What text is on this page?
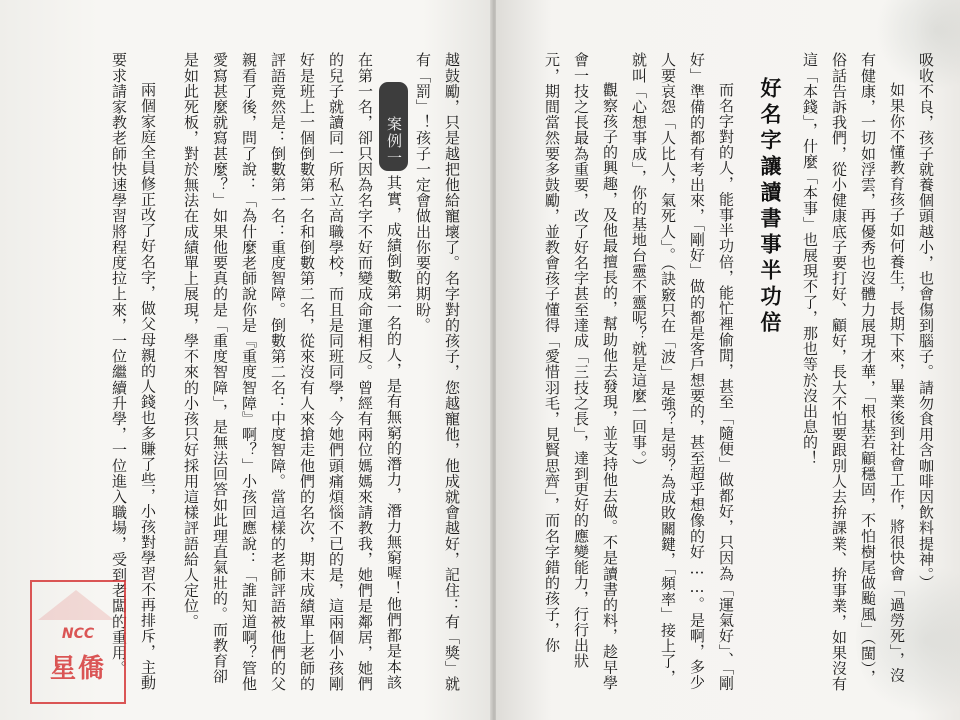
越鼓勵，只是越把他給寵壞了。名字對的孩子，您越寵他，他成就會越好，記住：有「獎」就有「罰」！孩子一定會做出你要的期盼。
案例一其實，成績倒數第一名的人，是有無窮的潛力，潛力無窮喔！他們都是本該在第一名，卻只因為名字不好而變成命運相反。曾經有兩位媽媽來請教我，她們是鄰居，她們的兒子就讀同一所私立高職學校，而且是同班同學，今她們頭痛煩惱不已的是，這兩個小孩剛好是班上一個倒數第一名和倒數第二名，從來沒有人來搶走他們的名次，期末成績單上老師的評語竟然是：倒數第一名：重度智障。倒數第二名：中度智障。當這樣的老師評語被他們的父親看了後，問了說：「為什麼老師說你是『重度智障』啊？」小孩回應說：「誰知道啊？管他愛寫甚麼就寫甚麼？」如果他要真的是「重度智障」，是無法回答如此理直氣壯的。而教育卻是如此死板，對於無法在成績單上展現，學不來的小孩只好採用這樣評語給人定位。
兩個家庭全員修正改了好名字，做父母親的人錢也多賺了些，小孩對學習不再排斥，主動要求請家教老師快速學習將程度拉上來，一位繼續升學，一位進入職場，受到老闆的重用。
NCC
星僑
吸收不良，孩子就養個頭越小，也會傷到腦子。請勿食用含咖啡因飲料提神。）
如果你不懂教育孩子如何養生，長期下來，畢業後到社會工作，將很快會「過勞死」，沒有健康，一切如浮雲，再優秀也沒體力展現才華，「根基若顧穩固，不怕樹尾做颱風」（閩），俗話告訴我們，從小健康底子要打好、顧好，長大不怕要跟別人去拚課業、拚事業，如果沒有這「本錢」，什麼「本事」也展現不了，那也等於沒出息的！
好名字讓讀書事半功倍
而名字對的人，能事半功倍，能忙裡偷閒，甚至「隨便」做都好，只因為「運氣好」、「剛好」準備的都有考出來，「剛好」做的都是客戶想要的，甚至超乎想像的好……。是啊，多少人要哀怨「人比人，氣死人」。（訣竅只在「波」是強？是弱？為成敗關鍵，「頻率」接上了，就叫「心想事成」，你的基地台靈不靈呢？就是這麼一回事。）
觀察孩子的興趣，及他最擅長的，幫助他去發現，並支持他去做。不是讀書的料，趁早學會一技之長最為重要，改了好名字甚至達成「三技之長」，達到更好的應變能力，行行出狀元，期間當然要多鼓勵，並教會孩子懂得「愛惜羽毛，見賢思齊」，而名字錯的孩子，你
